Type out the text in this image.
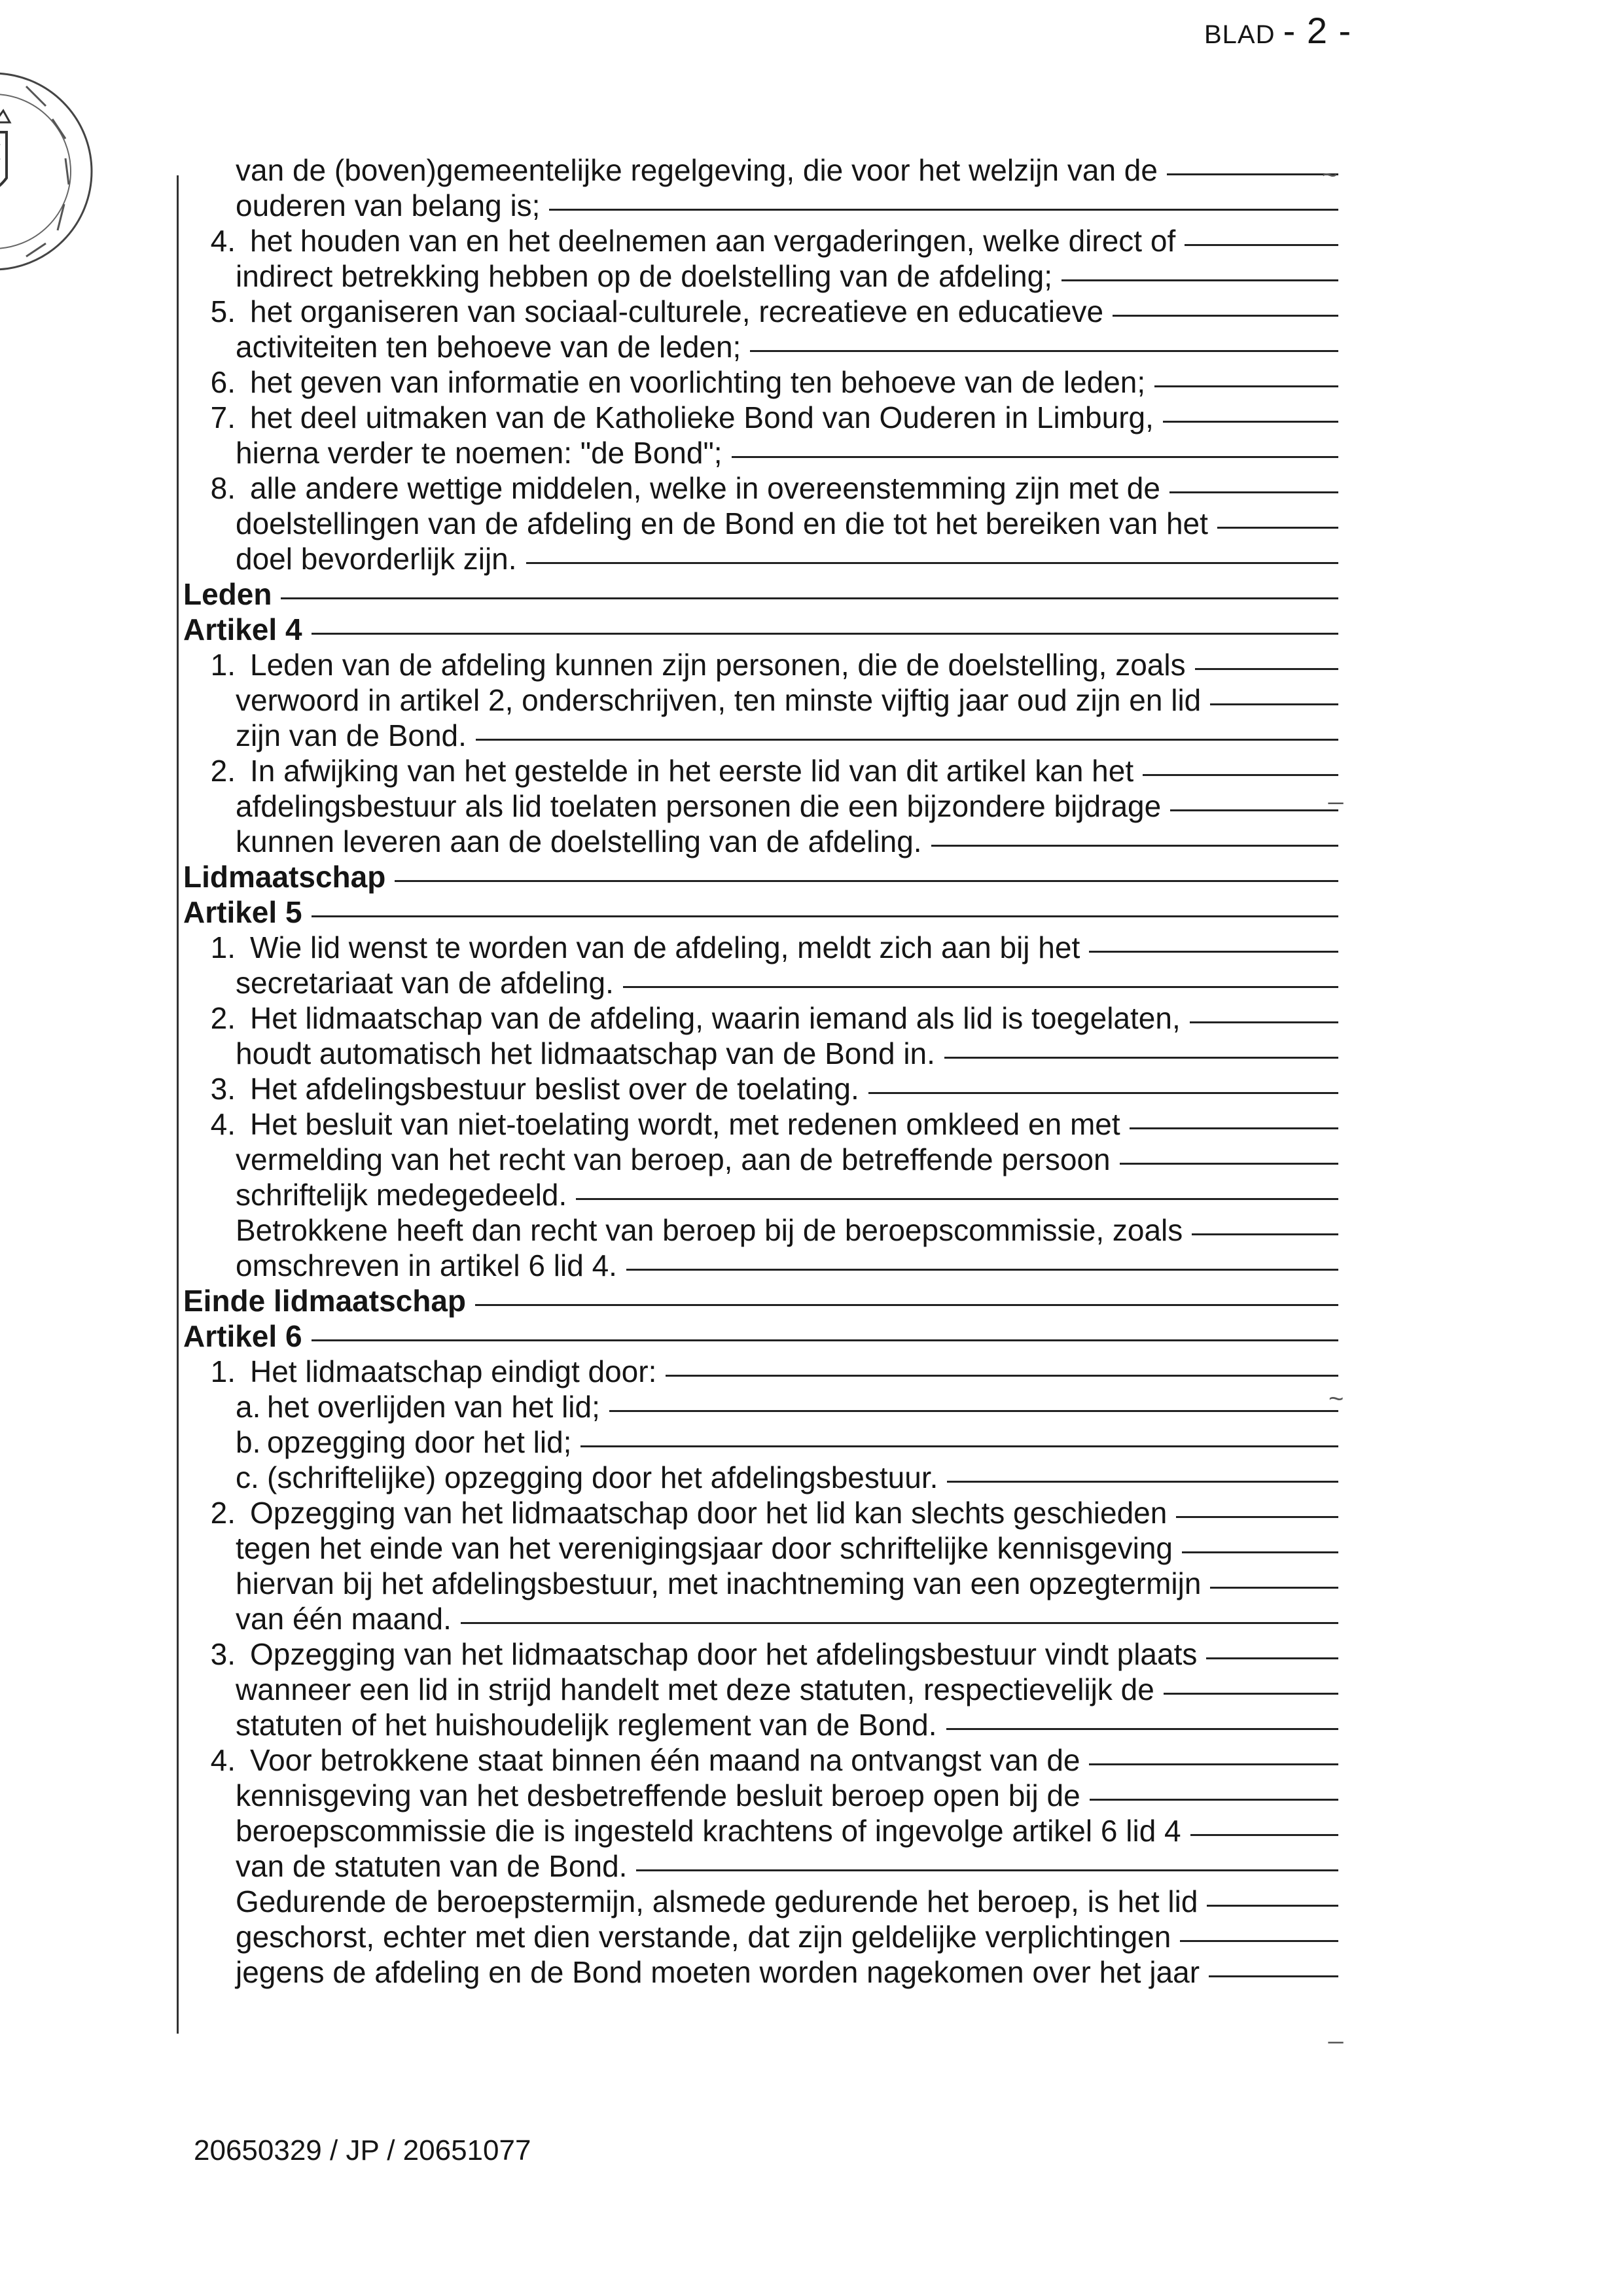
BLAD - 2 -
van de (boven)gemeentelijke regelgeving, die voor het welzijn van de
ouderen van belang is;
4. het houden van en het deelnemen aan vergaderingen, welke direct of
indirect betrekking hebben op de doelstelling van de afdeling;
5. het organiseren van sociaal-culturele, recreatieve en educatieve
activiteiten ten behoeve van de leden;
6. het geven van informatie en voorlichting ten behoeve van de leden;
7. het deel uitmaken van de Katholieke Bond van Ouderen in Limburg,
hierna verder te noemen: "de Bond";
8. alle andere wettige middelen, welke in overeenstemming zijn met de
doelstellingen van de afdeling en de Bond en die tot het bereiken van het
doel bevorderlijk zijn.
Leden
Artikel 4
1. Leden van de afdeling kunnen zijn personen, die de doelstelling, zoals
verwoord in artikel 2, onderschrijven, ten minste vijftig jaar oud zijn en lid
zijn van de Bond.
2. In afwijking van het gestelde in het eerste lid van dit artikel kan het
afdelingsbestuur als lid toelaten personen die een bijzondere bijdrage
kunnen leveren aan de doelstelling van de afdeling.
Lidmaatschap
Artikel 5
1. Wie lid wenst te worden van de afdeling, meldt zich aan bij het
secretariaat van de afdeling.
2. Het lidmaatschap van de afdeling, waarin iemand als lid is toegelaten,
houdt automatisch het lidmaatschap van de Bond in.
3. Het afdelingsbestuur beslist over de toelating.
4. Het besluit van niet-toelating wordt, met redenen omkleed en met
vermelding van het recht van beroep, aan de betreffende persoon
schriftelijk medegedeeld.
Betrokkene heeft dan recht van beroep bij de beroepscommissie, zoals
omschreven in artikel 6 lid 4.
Einde lidmaatschap
Artikel 6
1. Het lidmaatschap eindigt door:
a. het overlijden van het lid;
b. opzegging door het lid;
c. (schriftelijke) opzegging door het afdelingsbestuur.
2. Opzegging van het lidmaatschap door het lid kan slechts geschieden
tegen het einde van het verenigingsjaar door schriftelijke kennisgeving
hiervan bij het afdelingsbestuur, met inachtneming van een opzegtermijn
van één maand.
3. Opzegging van het lidmaatschap door het afdelingsbestuur vindt plaats
wanneer een lid in strijd handelt met deze statuten, respectievelijk de
statuten of het huishoudelijk reglement van de Bond.
4. Voor betrokkene staat binnen één maand na ontvangst van de
kennisgeving van het desbetreffende besluit beroep open bij de
beroepscommissie die is ingesteld krachtens of ingevolge artikel 6 lid 4
van de statuten van de Bond.
Gedurende de beroepstermijn, alsmede gedurende het beroep, is het lid
geschorst, echter met dien verstande, dat zijn geldelijke verplichtingen
jegens de afdeling en de Bond moeten worden nagekomen over het jaar
~
_
~
_
20650329 / JP / 20651077
